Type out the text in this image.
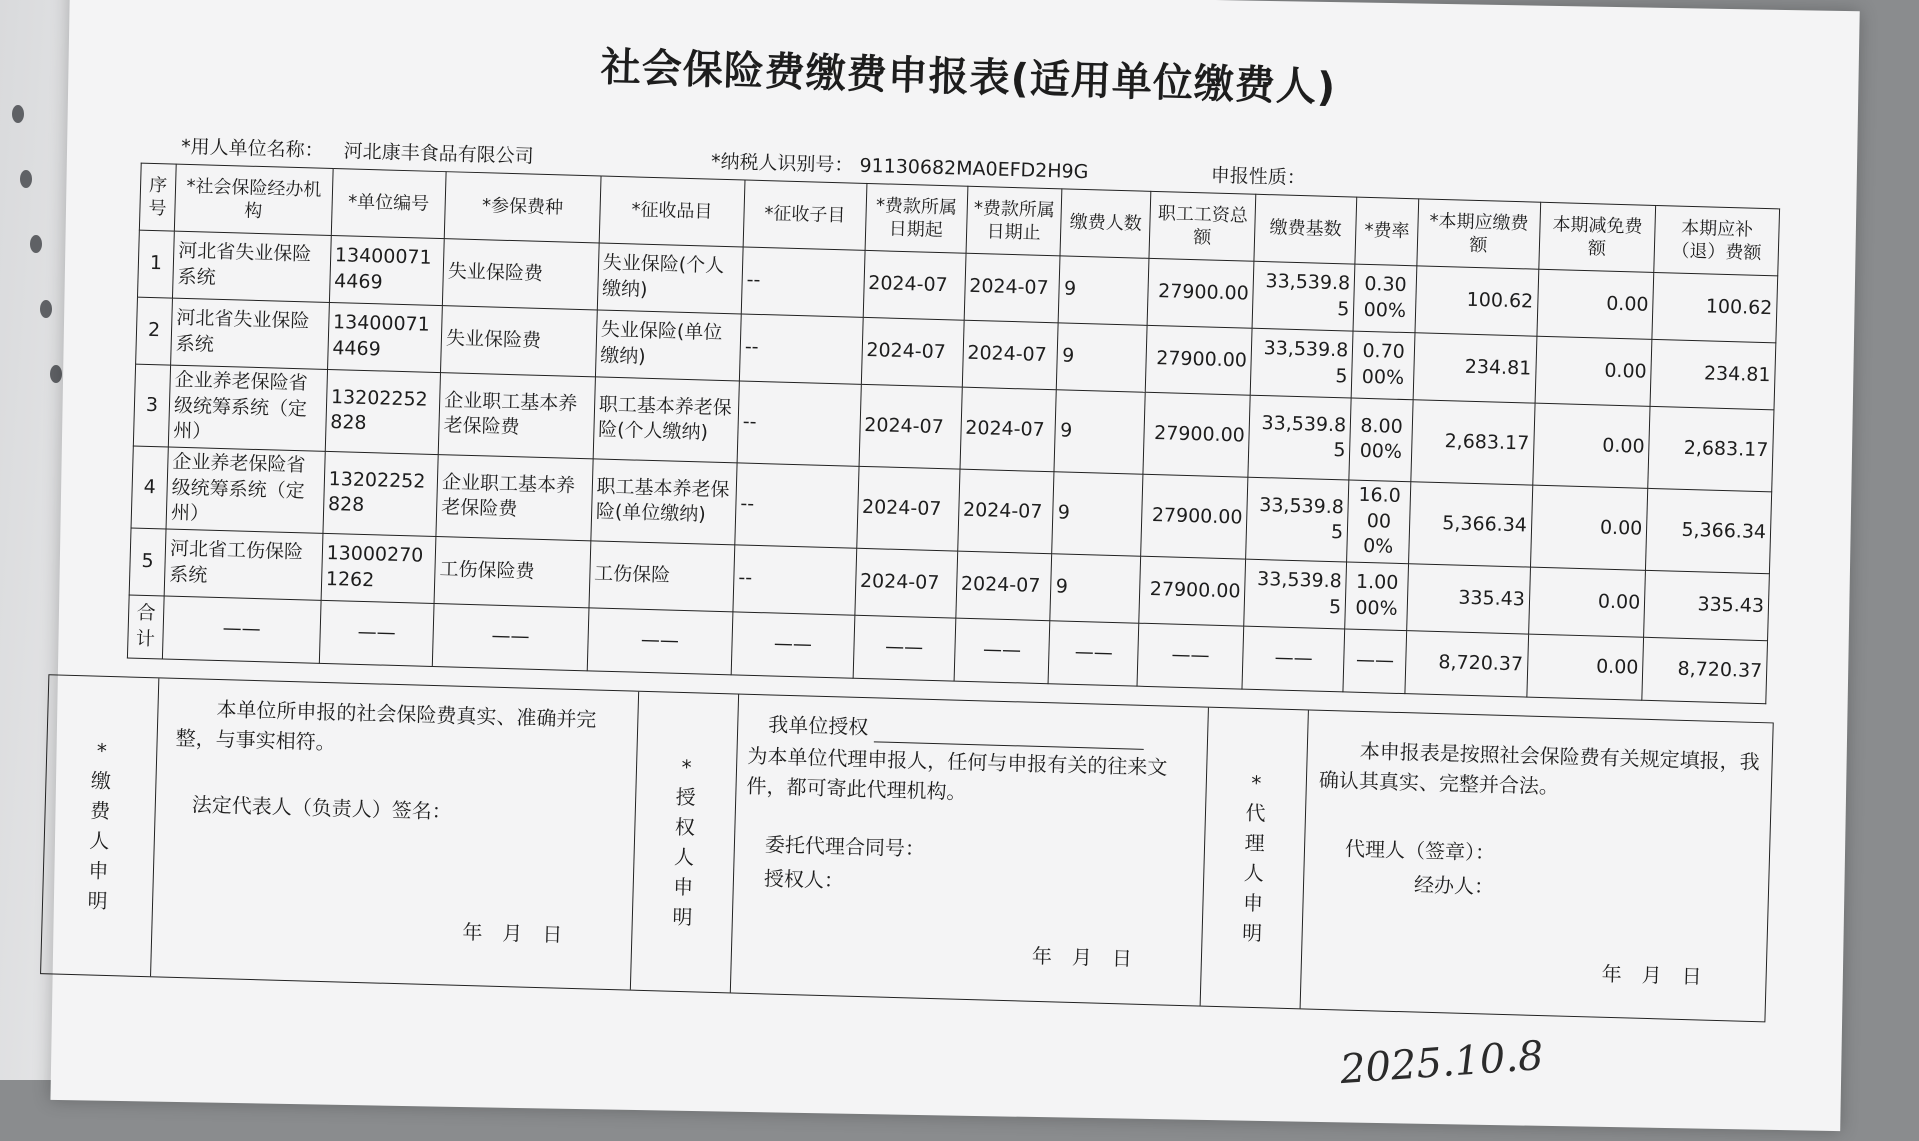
社会保险费缴费申报表(适用单位缴费人)
*用人单位名称： 河北康丰食品有限公司	*纳税人识别号： 91130682MA0EFD2H9G	申报性质：
序号	*社会保险经办机构	*单位编号	*参保费种	*征收品目	*征收子目	*费款所属日期起	*费款所属日期止	缴费人数	职工工资总额	缴费基数	*费率	*本期应缴费额	本期减免费额	本期应补（退）费额
1	河北省失业保险系统	134000714469	失业保险费	失业保险(个人缴纳)	--	2024-07	2024-07	9	27900.00	33,539.85	0.3000%	100.62	0.00	100.62
2	河北省失业保险系统	134000714469	失业保险费	失业保险(单位缴纳)	--	2024-07	2024-07	9	27900.00	33,539.85	0.7000%	234.81	0.00	234.81
3	企业养老保险省级统筹系统（定州）	13202252828	企业职工基本养老保险费	职工基本养老保险(个人缴纳)	--	2024-07	2024-07	9	27900.00	33,539.85	8.0000%	2,683.17	0.00	2,683.17
4	企业养老保险省级统筹系统（定州）	13202252828	企业职工基本养老保险费	职工基本养老保险(单位缴纳)	--	2024-07	2024-07	9	27900.00	33,539.85	16.0000%	5,366.34	0.00	5,366.34
5	河北省工伤保险系统	130002701262	工伤保险费	工伤保险	--	2024-07	2024-07	9	27900.00	33,539.85	1.0000%	335.43	0.00	335.43
合计	——	——	——	——	——	——	——	——	——	——	——	8,720.37	0.00	8,720.37
*缴费人申明
本单位所申报的社会保险费真实、准确并完整，与事实相符。
法定代表人（负责人）签名：
年　月　日
*授权人申明
我单位授权
为本单位代理申报人，任何与申报有关的往来文件，都可寄此代理机构。
委托代理合同号：
授权人：
年　月　日
*代理人申明
本申报表是按照社会保险费有关规定填报，我确认其真实、完整并合法。
代理人（签章）：
经办人：
年　月　日
2025.10.8
